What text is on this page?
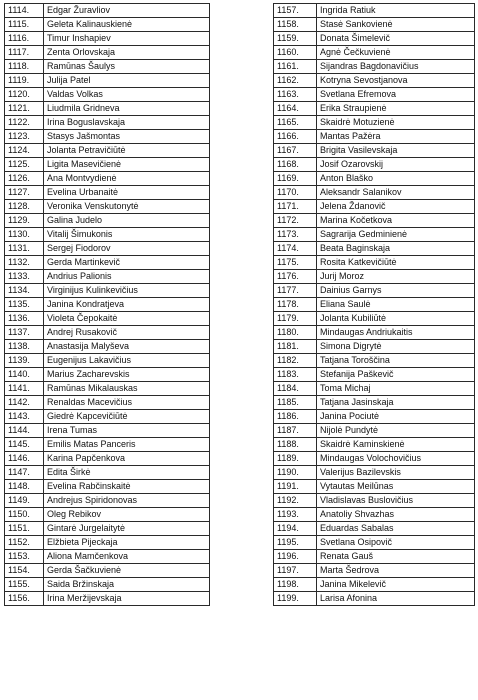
1114.	Edgar Žuravliov
1115.	Geleta Kalinauskienė
1116.	Timur Inshapiev
1117.	Zenta Orlovskaja
1118.	Ramūnas Šaulys
1119.	Julija Patel
1120.	Valdas Volkas
1121.	Liudmila Gridneva
1122.	Irina Boguslavskaja
1123.	Stasys Jašmontas
1124.	Jolanta Petravičiūtė
1125.	Ligita Masevičienė
1126.	Ana Montvydienė
1127.	Evelina Urbanaitė
1128.	Veronika Venskutonytė
1129.	Galina Judelo
1130.	Vitalij Šimukonis
1131.	Sergej Fiodorov
1132.	Gerda Martinkevič
1133.	Andrius Palionis
1134.	Virginijus Kulinkevičius
1135.	Janina Kondratjeva
1136.	Violeta Čepokaitė
1137.	Andrej Rusakovič
1138.	Anastasija Malyševa
1139.	Eugenijus Lakavičius
1140.	Marius Zacharevskis
1141.	Ramūnas Mikalauskas
1142.	Renaldas Macevičius
1143.	Giedrė Kapcevičiūtė
1144.	Irena Tumas
1145.	Emilis Matas Panceris
1146.	Karina Papčenkova
1147.	Edita Širkė
1148.	Evelina Rabčinskaitė
1149.	Andrejus Spiridonovas
1150.	Oleg Rebikov
1151.	Gintarė Jurgelaitytė
1152.	Elžbieta Pijeckaja
1153.	Aliona Mamčenkova
1154.	Gerda Šačkuvienė
1155.	Saida Bržinskaja
1156.	Irina Meržijevskaja
1157.	Ingrida Ratiuk
1158.	Stasė Sankovienė
1159.	Donata Šimelevič
1160.	Agnė Čečkuvienė
1161.	Sijandras Bagdonavičius
1162.	Kotryna Sevostjanova
1163.	Svetlana Efremova
1164.	Erika Straupienė
1165.	Skaidrė Motuzienė
1166.	Mantas Pažėra
1167.	Brigita Vasilevskaja
1168.	Josif Ozarovskij
1169.	Anton Blaško
1170.	Aleksandr Salanikov
1171.	Jelena Ždanovič
1172.	Marina Kočetkova
1173.	Sagrarija Gedminienė
1174.	Beata Baginskaja
1175.	Rosita Katkevičiūtė
1176.	Jurij Moroz
1177.	Dainius Garnys
1178.	Eliana Saulė
1179.	Jolanta Kubiliūtė
1180.	Mindaugas Andriukaitis
1181.	Simona Digrytė
1182.	Tatjana Toroščina
1183.	Stefanija Paškevič
1184.	Toma Michaj
1185.	Tatjana Jasinskaja
1186.	Janina Pociutė
1187.	Nijolė Pundytė
1188.	Skaidrė Kaminskienė
1189.	Mindaugas Volochovičius
1190.	Valerijus Bazilevskis
1191.	Vytautas Meilūnas
1192.	Vladislavas Buslovičius
1193.	Anatoliy Shvazhas
1194.	Eduardas Sabalas
1195.	Svetlana Osipovič
1196.	Renata Gauš
1197.	Marta Šedrova
1198.	Janina Mikelevič
1199.	Larisa Afonina
